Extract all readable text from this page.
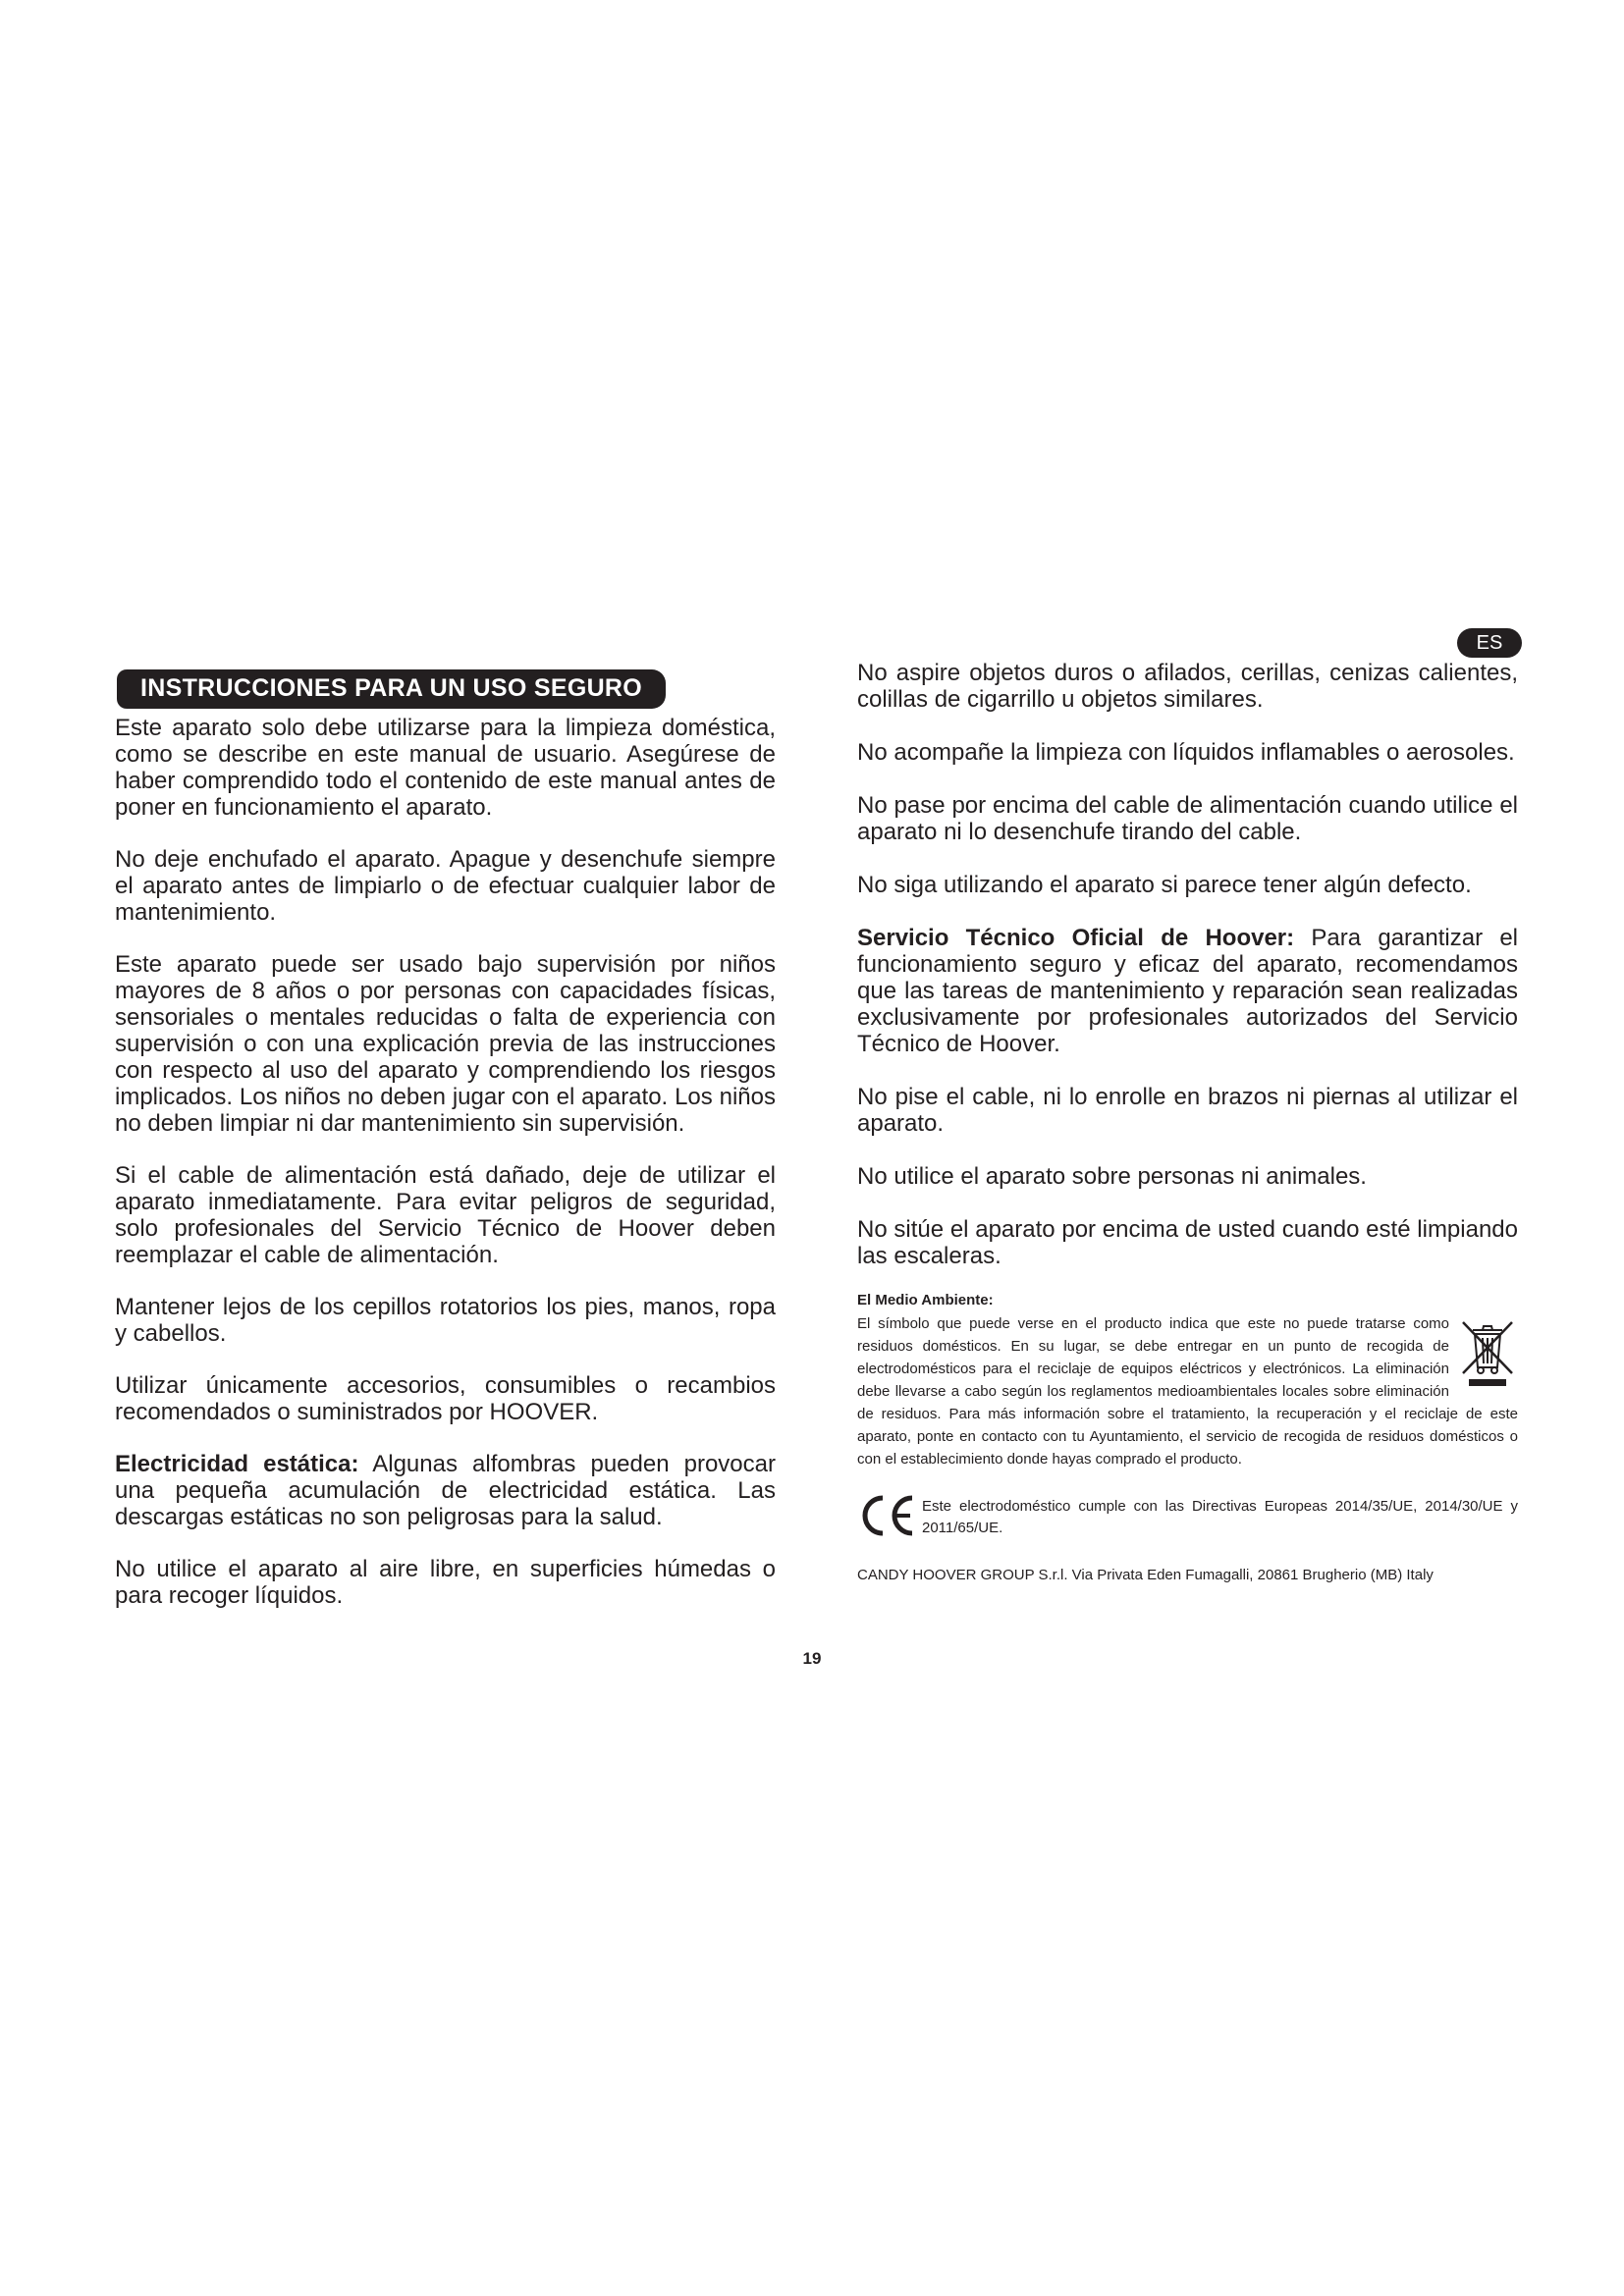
ES
INSTRUCCIONES PARA UN USO SEGURO

Este aparato solo debe utilizarse para la limpieza doméstica, como se describe en este manual de usuario. Asegúrese de haber comprendido todo el contenido de este manual antes de poner en funcionamiento el aparato.

No deje enchufado el aparato. Apague y desenchufe siempre el aparato antes de limpiarlo o de efectuar cualquier labor de mantenimiento.

Este aparato puede ser usado bajo supervisión por niños mayores de 8 años o por personas con capacidades físicas, sensoriales o mentales reducidas o falta de experiencia con supervisión o con una explicación previa de las instrucciones con respecto al uso del aparato y comprendiendo los riesgos implicados. Los niños no deben jugar con el aparato. Los niños no deben limpiar ni dar mantenimiento sin supervisión.

Si el cable de alimentación está dañado, deje de utilizar el aparato inmediatamente. Para evitar peligros de seguridad, solo profesionales del Servicio Técnico de Hoover deben reemplazar el cable de alimentación.

Mantener lejos de los cepillos rotatorios los pies, manos, ropa y cabellos.

Utilizar únicamente accesorios, consumibles o recambios recomendados o suministrados por HOOVER.

Electricidad estática: Algunas alfombras pueden provocar una pequeña acumulación de electricidad estática. Las descargas estáticas no son peligrosas para la salud.

No utilice el aparato al aire libre, en superficies húmedas o para recoger líquidos.

No aspire objetos duros o afilados, cerillas, cenizas calientes, colillas de cigarrillo u objetos similares.

No acompañe la limpieza con líquidos inflamables o aerosoles.

No pase por encima del cable de alimentación cuando utilice el aparato ni lo desenchufe tirando del cable.

No siga utilizando el aparato si parece tener algún defecto.

Servicio Técnico Oficial de Hoover: Para garantizar el funcionamiento seguro y eficaz del aparato, recomendamos que las tareas de mantenimiento y reparación sean realizadas exclusivamente por profesionales autorizados del Servicio Técnico de Hoover.

No pise el cable, ni lo enrolle en brazos ni piernas al utilizar el aparato.

No utilice el aparato sobre personas ni animales.

No sitúe el aparato por encima de usted cuando esté limpiando las escaleras.

El Medio Ambiente:

El símbolo que puede verse en el producto indica que este no puede tratarse como residuos domésticos. En su lugar, se debe entregar en un punto de recogida de electrodomésticos para el reciclaje de equipos eléctricos y electrónicos. La eliminación debe llevarse a cabo según los reglamentos medioambientales locales sobre eliminación de residuos. Para más información sobre el tratamiento, la recuperación y el reciclaje de este aparato, ponte en contacto con tu Ayuntamiento, el servicio de recogida de residuos domésticos o con el establecimiento donde hayas comprado el producto.

Este electrodoméstico cumple con las Directivas Europeas 2014/35/UE, 2014/30/UE y 2011/65/UE.

CANDY HOOVER GROUP S.r.l. Via Privata Eden Fumagalli, 20861 Brugherio (MB) Italy
19
